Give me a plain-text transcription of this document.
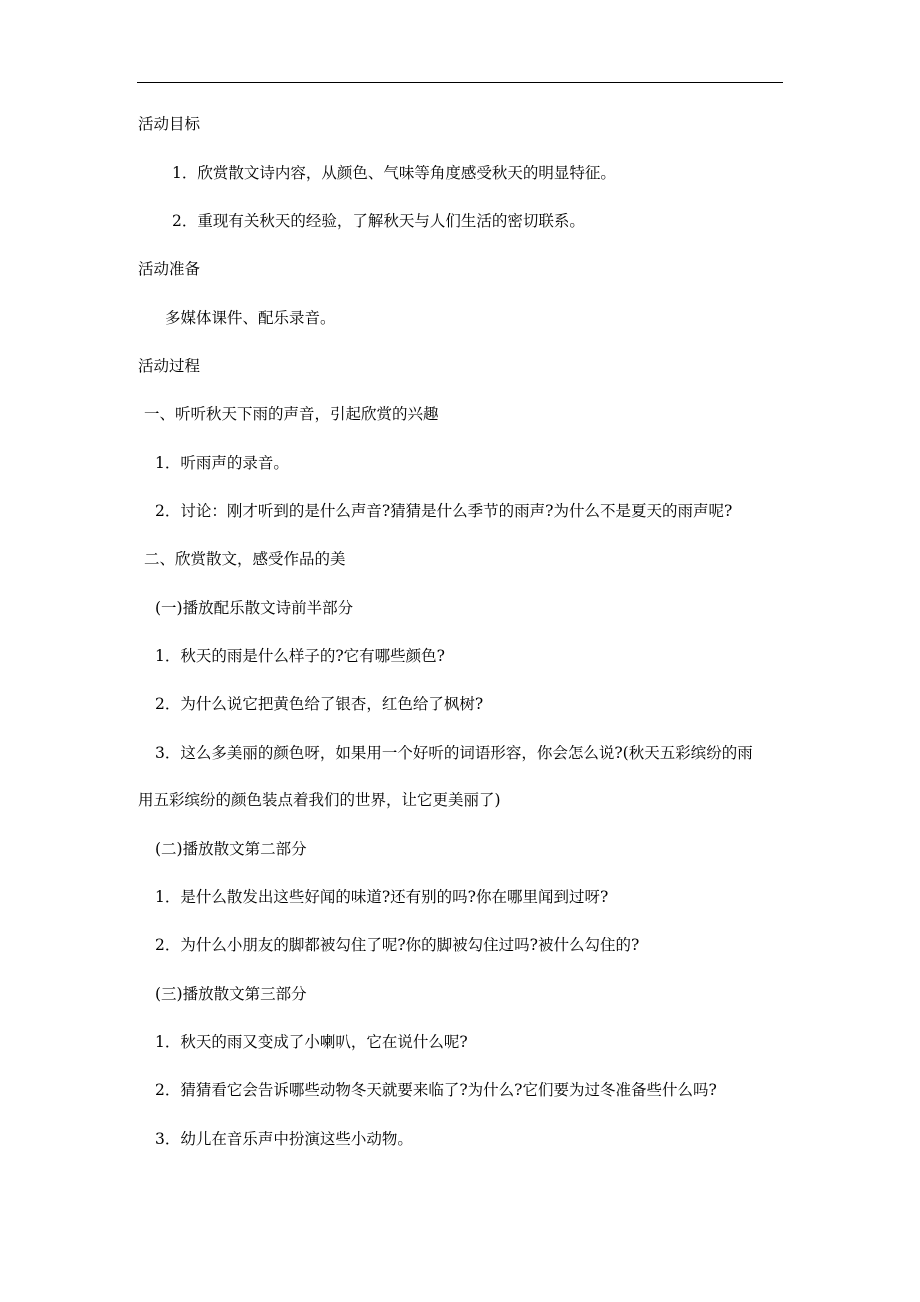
活动目标

1．欣赏散文诗内容，从颜色、气味等角度感受秋天的明显特征。

2．重现有关秋天的经验，了解秋天与人们生活的密切联系。

活动准备

多媒体课件、配乐录音。

活动过程

一、听听秋天下雨的声音，引起欣赏的兴趣

1．听雨声的录音。

2．讨论：刚才听到的是什么声音?猜猜是什么季节的雨声?为什么不是夏天的雨声呢?

二、欣赏散文，感受作品的美

(一)播放配乐散文诗前半部分

1．秋天的雨是什么样子的?它有哪些颜色?

2．为什么说它把黄色给了银杏，红色给了枫树?

3．这么多美丽的颜色呀，如果用一个好听的词语形容，你会怎么说?(秋天五彩缤纷的雨

用五彩缤纷的颜色装点着我们的世界，让它更美丽了)

(二)播放散文第二部分

1．是什么散发出这些好闻的味道?还有别的吗?你在哪里闻到过呀?

2．为什么小朋友的脚都被勾住了呢?你的脚被勾住过吗?被什么勾住的?

(三)播放散文第三部分

1．秋天的雨又变成了小喇叭，它在说什么呢?

2．猜猜看它会告诉哪些动物冬天就要来临了?为什么?它们要为过冬准备些什么吗?

3．幼儿在音乐声中扮演这些小动物。
